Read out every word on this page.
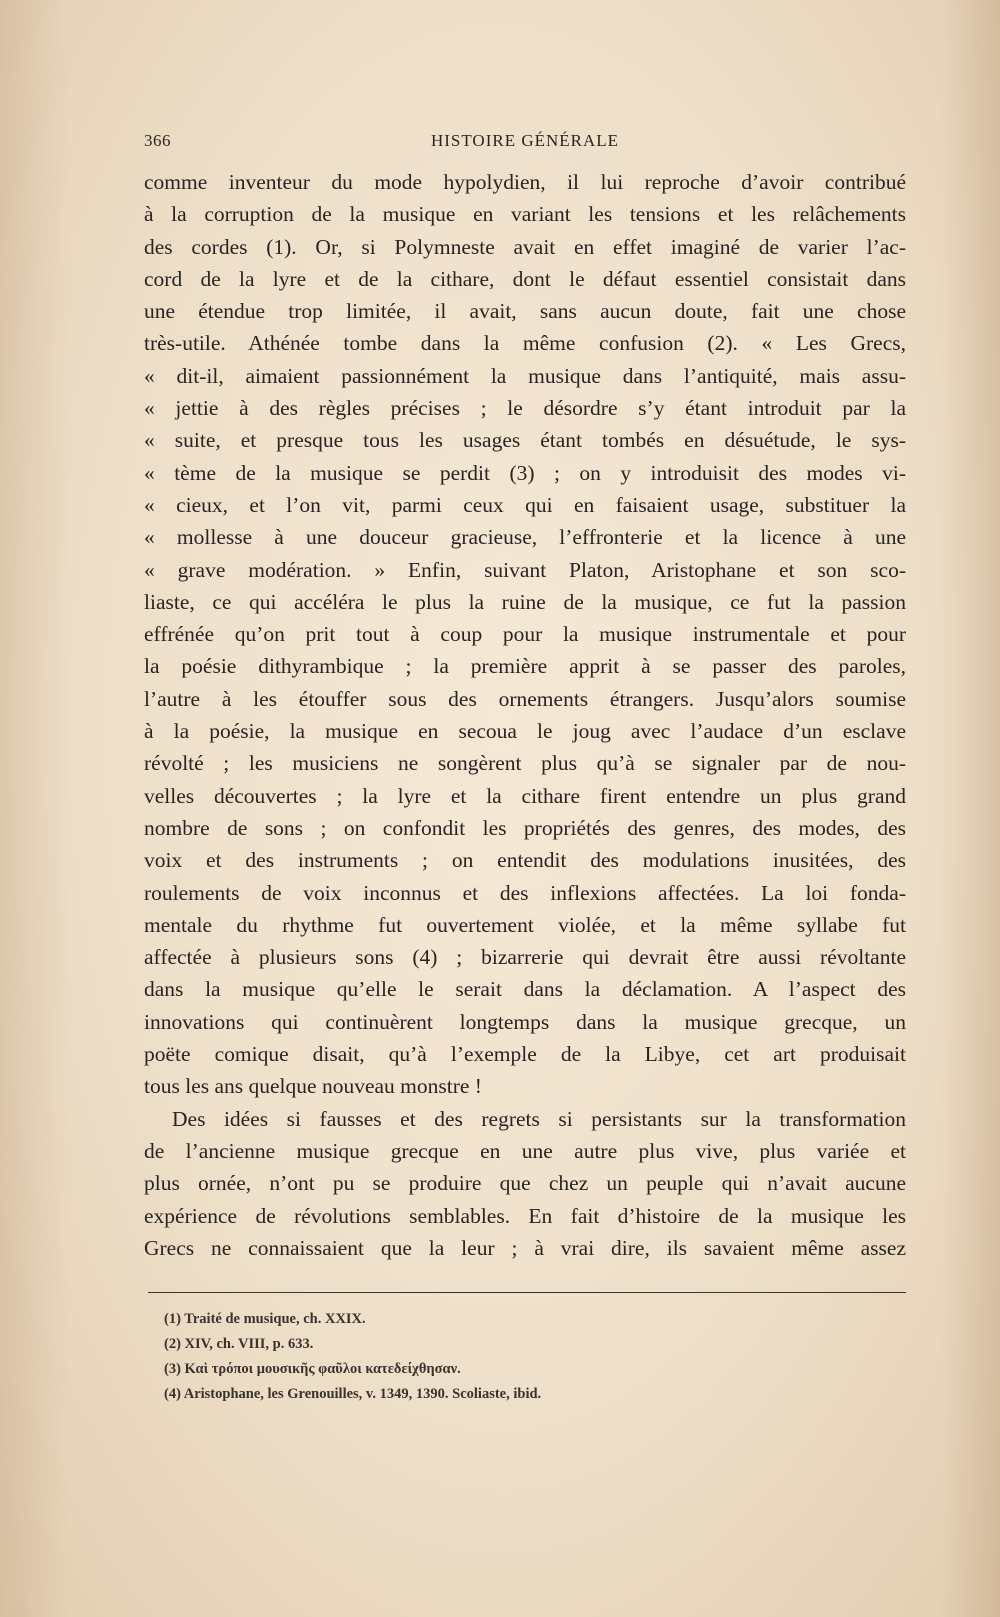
366	HISTOIRE GÉNÉRALE
comme inventeur du mode hypolydien, il lui reproche d’avoir contribué
à la corruption de la musique en variant les tensions et les relâchements
des cordes (1). Or, si Polymneste avait en effet imaginé de varier l’ac-
cord de la lyre et de la cithare, dont le défaut essentiel consistait dans
une étendue trop limitée, il avait, sans aucun doute, fait une chose
très-utile. Athénée tombe dans la même confusion (2). « Les Grecs,
« dit-il, aimaient passionnément la musique dans l’antiquité, mais assu-
« jettie à des règles précises ; le désordre s’y étant introduit par la
« suite, et presque tous les usages étant tombés en désuétude, le sys-
« tème de la musique se perdit (3) ; on y introduisit des modes vi-
« cieux, et l’on vit, parmi ceux qui en faisaient usage, substituer la
« mollesse à une douceur gracieuse, l’effronterie et la licence à une
« grave modération. » Enfin, suivant Platon, Aristophane et son sco-
liaste, ce qui accéléra le plus la ruine de la musique, ce fut la passion
effrénée qu’on prit tout à coup pour la musique instrumentale et pour
la poésie dithyrambique ; la première apprit à se passer des paroles,
l’autre à les étouffer sous des ornements étrangers. Jusqu’alors soumise
à la poésie, la musique en secoua le joug avec l’audace d’un esclave
révolté ; les musiciens ne songèrent plus qu’à se signaler par de nou-
velles découvertes ; la lyre et la cithare firent entendre un plus grand
nombre de sons ; on confondit les propriétés des genres, des modes, des
voix et des instruments ; on entendit des modulations inusitées, des
roulements de voix inconnus et des inflexions affectées. La loi fonda-
mentale du rhythme fut ouvertement violée, et la même syllabe fut
affectée à plusieurs sons (4) ; bizarrerie qui devrait être aussi révoltante
dans la musique qu’elle le serait dans la déclamation. A l’aspect des
innovations qui continuèrent longtemps dans la musique grecque, un
poëte comique disait, qu’à l’exemple de la Libye, cet art produisait
tous les ans quelque nouveau monstre !
Des idées si fausses et des regrets si persistants sur la transformation
de l’ancienne musique grecque en une autre plus vive, plus variée et
plus ornée, n’ont pu se produire que chez un peuple qui n’avait aucune
expérience de révolutions semblables. En fait d’histoire de la musique les
Grecs ne connaissaient que la leur ; à vrai dire, ils savaient même assez
(1) Traité de musique, ch. XXIX.
(2) XIV, ch. VIII, p. 633.
(3) Καὶ τρόποι μουσικῆς φαῦλοι κατεδείχθησαν.
(4) Aristophane, les Grenouilles, v. 1349, 1390. Scoliaste, ibid.
